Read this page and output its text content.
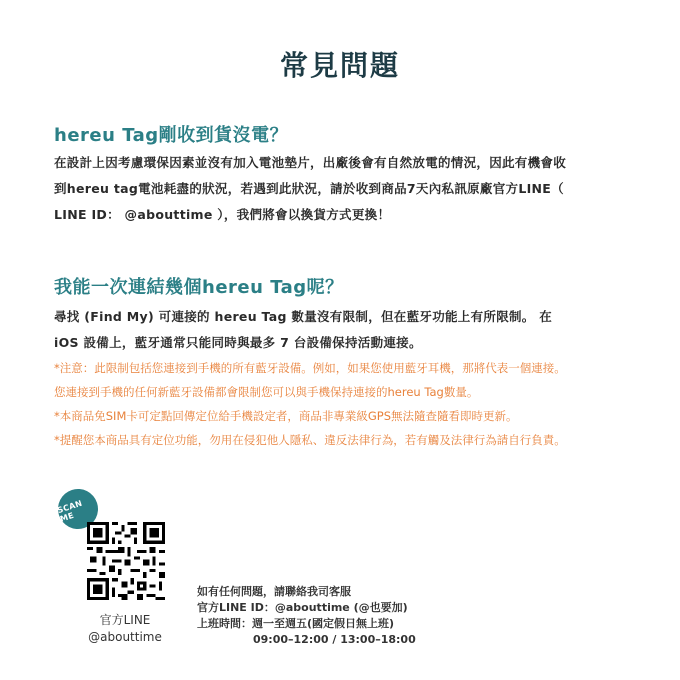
常見問題
hereu Tag剛收到貨沒電？
在設計上因考慮環保因素並沒有加入電池墊片，出廠後會有自然放電的情況，因此有機會收
到hereu tag電池耗盡的狀況，若遇到此狀況，請於收到商品7天內私訊原廠官方LINE（
LINE ID： @abouttime ），我們將會以換貨方式更換！
我能一次連結幾個hereu Tag呢？
尋找 (Find My) 可連接的 hereu Tag 數量沒有限制，但在藍牙功能上有所限制。 在
iOS 設備上，藍牙通常只能同時與最多 7 台設備保持活動連接。
*注意：此限制包括您連接到手機的所有藍牙設備。例如，如果您使用藍牙耳機，那將代表一個連接。
您連接到手機的任何新藍牙設備都會限制您可以與手機保持連接的hereu Tag數量。
*本商品免SIM卡可定點回傳定位給手機設定者，商品非專業級GPS無法隨查隨看即時更新。
*提醒您本商品具有定位功能，勿用在侵犯他人隱私、違反法律行為，若有觸及法律行為請自行負責。
SCAN ME
官方LINE
@abouttime
如有任何問題，請聯絡我司客服
官方LINE ID：@abouttime (@也要加)
上班時間：週一至週五(國定假日無上班)
09:00–12:00 / 13:00–18:00
